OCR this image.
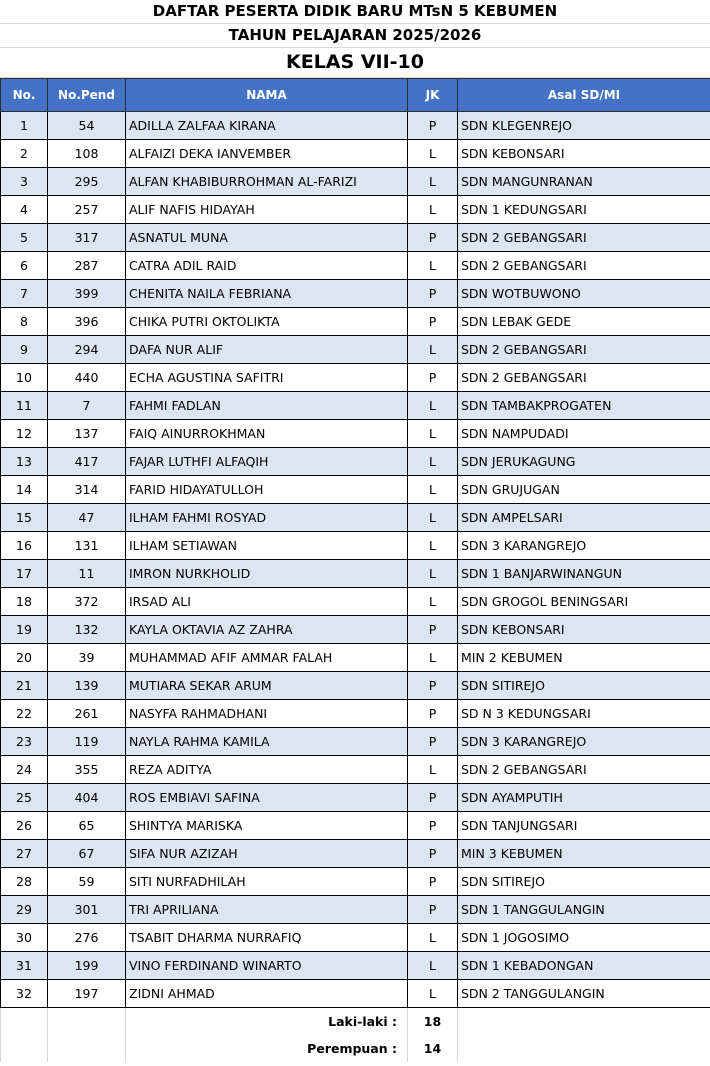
DAFTAR PESERTA DIDIK BARU MTsN 5 KEBUMEN
TAHUN PELAJARAN 2025/2026
KELAS VII-10
No.	No.Pend	NAMA	JK	Asal SD/MI
1	54	ADILLA ZALFAA KIRANA	P	SDN KLEGENREJO
2	108	ALFAIZI DEKA IANVEMBER	L	SDN KEBONSARI
3	295	ALFAN KHABIBURROHMAN AL-FARIZI	L	SDN MANGUNRANAN
4	257	ALIF NAFIS HIDAYAH	L	SDN 1 KEDUNGSARI
5	317	ASNATUL MUNA	P	SDN 2 GEBANGSARI
6	287	CATRA ADIL RAID	L	SDN 2 GEBANGSARI
7	399	CHENITA NAILA FEBRIANA	P	SDN WOTBUWONO
8	396	CHIKA PUTRI OKTOLIKTA	P	SDN LEBAK GEDE
9	294	DAFA NUR ALIF	L	SDN 2 GEBANGSARI
10	440	ECHA AGUSTINA SAFITRI	P	SDN 2 GEBANGSARI
11	7	FAHMI FADLAN	L	SDN TAMBAKPROGATEN
12	137	FAIQ AINURROKHMAN	L	SDN NAMPUDADI
13	417	FAJAR LUTHFI ALFAQIH	L	SDN JERUKAGUNG
14	314	FARID HIDAYATULLOH	L	SDN GRUJUGAN
15	47	ILHAM FAHMI ROSYAD	L	SDN AMPELSARI
16	131	ILHAM SETIAWAN	L	SDN 3 KARANGREJO
17	11	IMRON NURKHOLID	L	SDN 1 BANJARWINANGUN
18	372	IRSAD ALI	L	SDN GROGOL BENINGSARI
19	132	KAYLA OKTAVIA AZ ZAHRA	P	SDN KEBONSARI
20	39	MUHAMMAD AFIF AMMAR FALAH	L	MIN 2 KEBUMEN
21	139	MUTIARA SEKAR ARUM	P	SDN SITIREJO
22	261	NASYFA RAHMADHANI	P	SD N 3 KEDUNGSARI
23	119	NAYLA RAHMA KAMILA	P	SDN 3 KARANGREJO
24	355	REZA ADITYA	L	SDN 2 GEBANGSARI
25	404	ROS EMBIAVI SAFINA	P	SDN AYAMPUTIH
26	65	SHINTYA MARISKA	P	SDN TANJUNGSARI
27	67	SIFA NUR AZIZAH	P	MIN 3 KEBUMEN
28	59	SITI NURFADHILAH	P	SDN SITIREJO
29	301	TRI APRILIANA	P	SDN 1 TANGGULANGIN
30	276	TSABIT DHARMA NURRAFIQ	L	SDN 1 JOGOSIMO
31	199	VINO FERDINAND WINARTO	L	SDN 1 KEBADONGAN
32	197	ZIDNI AHMAD	L	SDN 2 TANGGULANGIN
		Laki-laki :	18	
		Perempuan :	14	
